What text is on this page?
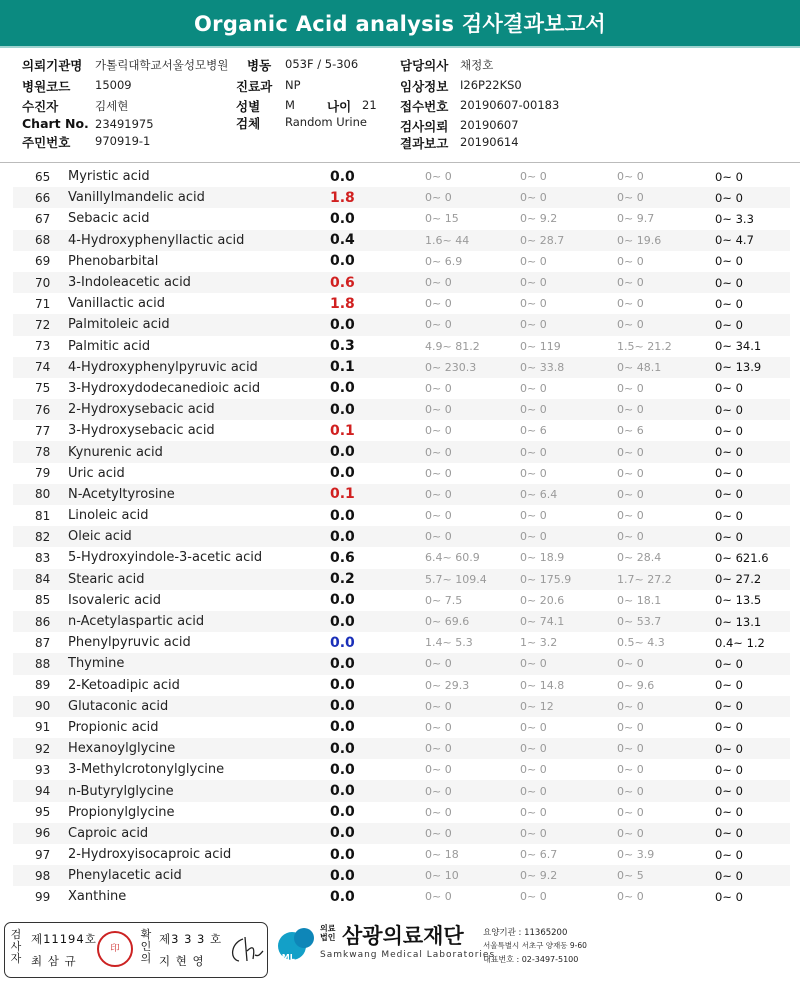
Organic Acid analysis 검사결과보고서
의뢰기관명 가톨릭대학교서울성모병원 병동 053F / 5-306	담당의사 채정호
병원코드 15009	진료과 NP	임상정보 I26P22KS0
수진자	김세현	성별 M	나이 21 접수번호 20190607-00183
Chart No. 23491975	검체 Random Urine	검사의뢰 20190607
주민번호 970919-1	결과보고 20190614
65	Myristic acid	0.0	0~ 0	0~ 0	0~ 0	0~ 0
66	Vanillylmandelic acid	1.8	0~ 0	0~ 0	0~ 0	0~ 0
67	Sebacic acid	0.0	0~ 15	0~ 9.2	0~ 9.7	0~ 3.3
68	4-Hydroxyphenyllactic acid	0.4	1.6~ 44	0~ 28.7	0~ 19.6	0~ 4.7
69	Phenobarbital	0.0	0~ 6.9	0~ 0	0~ 0	0~ 0
70	3-Indoleacetic acid	0.6	0~ 0	0~ 0	0~ 0	0~ 0
71	Vanillactic acid	1.8	0~ 0	0~ 0	0~ 0	0~ 0
72	Palmitoleic acid	0.0	0~ 0	0~ 0	0~ 0	0~ 0
73	Palmitic acid	0.3	4.9~ 81.2	0~ 119	1.5~ 21.2	0~ 34.1
74	4-Hydroxyphenylpyruvic acid	0.1	0~ 230.3	0~ 33.8	0~ 48.1	0~ 13.9
75	3-Hydroxydodecanedioic acid	0.0	0~ 0	0~ 0	0~ 0	0~ 0
76	2-Hydroxysebacic acid	0.0	0~ 0	0~ 0	0~ 0	0~ 0
77	3-Hydroxysebacic acid	0.1	0~ 0	0~ 6	0~ 6	0~ 0
78	Kynurenic acid	0.0	0~ 0	0~ 0	0~ 0	0~ 0
79	Uric acid	0.0	0~ 0	0~ 0	0~ 0	0~ 0
80	N-Acetyltyrosine	0.1	0~ 0	0~ 6.4	0~ 0	0~ 0
81	Linoleic acid	0.0	0~ 0	0~ 0	0~ 0	0~ 0
82	Oleic acid	0.0	0~ 0	0~ 0	0~ 0	0~ 0
83	5-Hydroxyindole-3-acetic acid	0.6	6.4~ 60.9	0~ 18.9	0~ 28.4	0~ 621.6
84	Stearic acid	0.2	5.7~ 109.4	0~ 175.9	1.7~ 27.2	0~ 27.2
85	Isovaleric acid	0.0	0~ 7.5	0~ 20.6	0~ 18.1	0~ 13.5
86	n-Acetylaspartic acid	0.0	0~ 69.6	0~ 74.1	0~ 53.7	0~ 13.1
87	Phenylpyruvic acid	0.0	1.4~ 5.3	1~ 3.2	0.5~ 4.3	0.4~ 1.2
88	Thymine	0.0	0~ 0	0~ 0	0~ 0	0~ 0
89	2-Ketoadipic acid	0.0	0~ 29.3	0~ 14.8	0~ 9.6	0~ 0
90	Glutaconic acid	0.0	0~ 0	0~ 12	0~ 0	0~ 0
91	Propionic acid	0.0	0~ 0	0~ 0	0~ 0	0~ 0
92	Hexanoylglycine	0.0	0~ 0	0~ 0	0~ 0	0~ 0
93	3-Methylcrotonylglycine	0.0	0~ 0	0~ 0	0~ 0	0~ 0
94	n-Butyrylglycine	0.0	0~ 0	0~ 0	0~ 0	0~ 0
95	Propionylglycine	0.0	0~ 0	0~ 0	0~ 0	0~ 0
96	Caproic acid	0.0	0~ 0	0~ 0	0~ 0	0~ 0
97	2-Hydroxyisocaproic acid	0.0	0~ 18	0~ 6.7	0~ 3.9	0~ 0
98	Phenylacetic acid	0.0	0~ 10	0~ 9.2	0~ 5	0~ 0
99	Xanthine	0.0	0~ 0	0~ 0	0~ 0	0~ 0
검사자
제11194호
최 삼 규
印
확인의
제3 3 3 호
지 현 영	SML
의료
법인 삼광의료재단
Samkwang Medical Laboratories
요양기관 : 11365200
서울특별시 서초구 양재동 9-60
대표번호 : 02-3497-5100
